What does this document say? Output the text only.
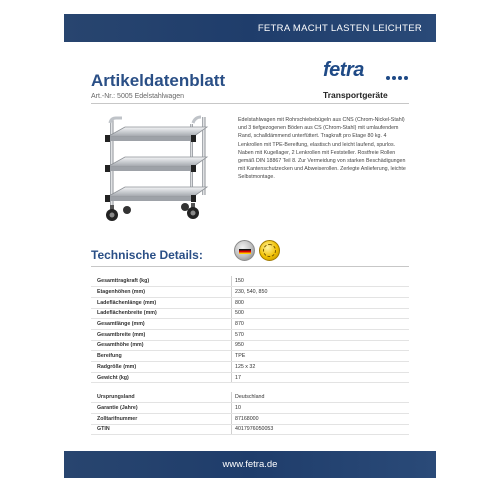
FETRA MACHT LASTEN LEICHTER
Artikeldatenblatt
Art.-Nr.: 5005 Edelstahlwagen
fetra
Transportgeräte
Edelstahlwagen mit Rohrschiebebügeln aus CNS (Chrom-Nickel-Stahl) und 3 tiefgezogenen Böden aus CS (Chrom-Stahl) mit umlaufendem Rand, schalldämmend unterfüttert. Tragkraft pro Etage 80 kg. 4 Lenkrollen mit TPE-Bereifung, elastisch und leicht laufend, spurlos. Naben mit Kugellager, 2 Lenkrollen mit Feststeller. Rostfreie Rollen gemäß DIN 18867 Teil 8. Zur Vermeidung von starken Beschädigungen mit Kantenschutzecken und Abweiserollen. Zerlegte Anlieferung, leichte Selbstmontage.
Technische Details:
Gesamttragkraft (kg)		150
Etagenhöhen (mm)		230, 540, 850
Ladeflächenlänge (mm)		800
Ladeflächenbreite (mm)		500
Gesamtlänge (mm)		870
Gesamtbreite (mm)		570
Gesamthöhe (mm)		950
Bereifung		TPE
Radgröße (mm)		125 x 32
Gewicht (kg)		17
Ursprungsland		Deutschland
Garantie (Jahre)		10
Zolltarifnummer		87168000
GTIN		4017976050053
www.fetra.de
